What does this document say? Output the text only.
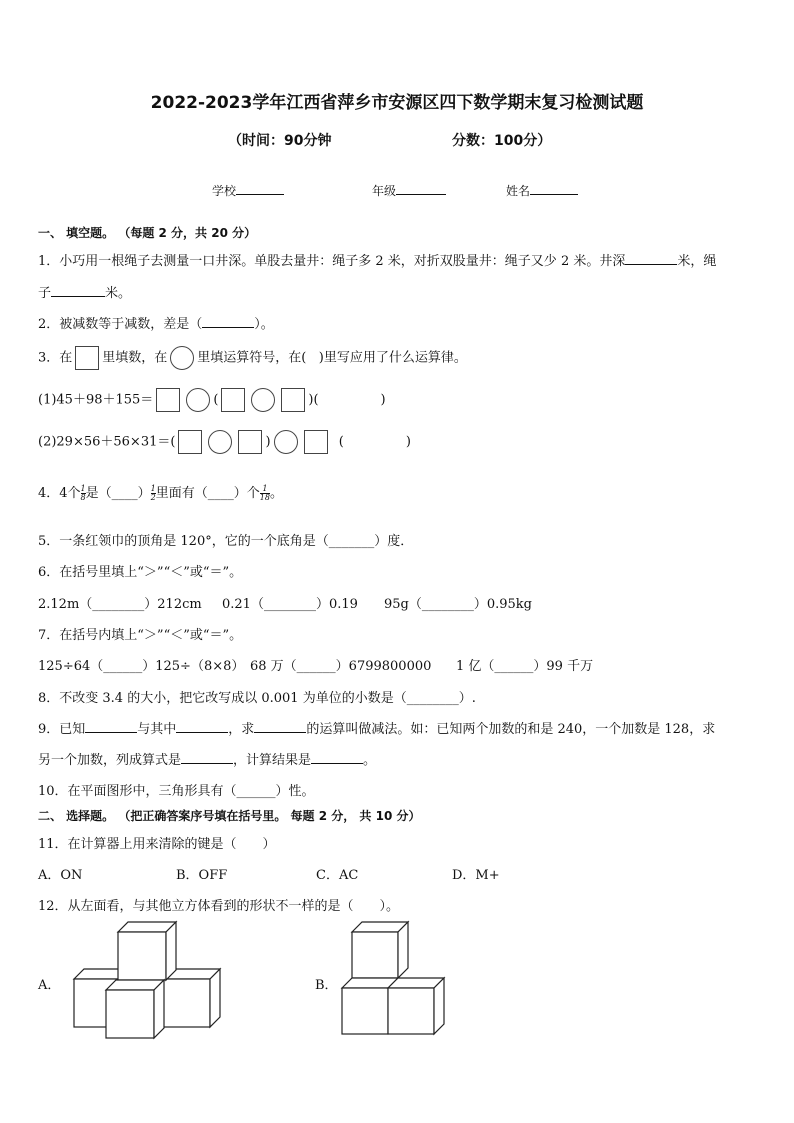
2022-2023学年江西省萍乡市安源区四下数学期末复习检测试题
（时间：90分钟	分数：100分）
学校	年级	姓名
一、 填空题。 （每题 2 分，共 20 分）
1．小巧用一根绳子去测量一口井深。单股去量井：绳子多 2 米，对折双股量井：绳子又少 2 米。井深	米，绳
子	米。
2．被减数等于减数，差是（	）。
3．在 里填数，在 里填运算符号，在( )里写应用了什么运算律。
(1)45＋98＋155＝	(	)(	)
(2)29×56＋56×31＝(	)	(	)
4．4个 $\frac{1}{8}$ 是（____） $\frac{1}{2}$ 里面有（____）个 $\frac{1}{18}$ 。
5．一条红领巾的顶角是 120°，它的一个底角是（_______）度．
6．在括号里填上“＞”“＜”或“＝”。
2.12m（________）212cm 0.21（________）0.19 95g（________）0.95kg
7．在括号内填上“＞”“＜”或“＝”。
125÷64（______）125÷（8×8） 68 万（______）6799800000 1 亿（______）99 千万
8．不改变 3.4 的大小，把它改写成以 0.001 为单位的小数是（________）.
9．已知	与其中	，求	的运算叫做减法。如：已知两个加数的和是 240，一个加数是 128，求
另一个加数，列成算式是	，计算结果是	。
10．在平面图形中，三角形具有（______）性。
二、 选择题。 （把正确答案序号填在括号里。 每题 2 分， 共 10 分）
11．在计算器上用来清除的键是（　　）
A．ON	B．OFF	C．AC	D．M+
12．从左面看，与其他立方体看到的形状不一样的是（　　）。
A．	B．
